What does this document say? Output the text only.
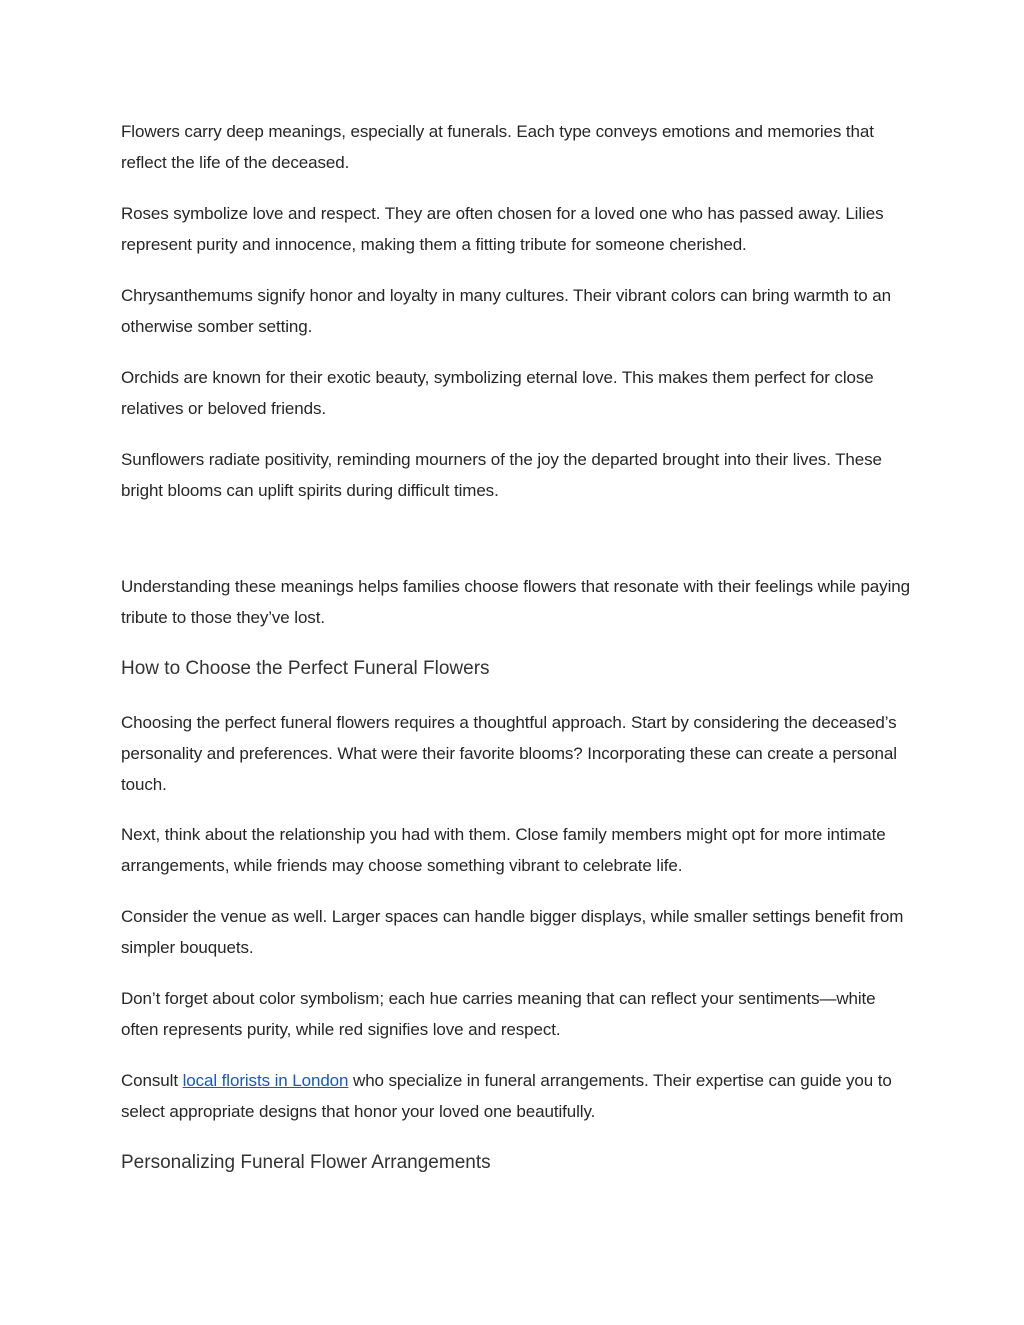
Flowers carry deep meanings, especially at funerals. Each type conveys emotions and memories that reflect the life of the deceased.

Roses symbolize love and respect. They are often chosen for a loved one who has passed away. Lilies represent purity and innocence, making them a fitting tribute for someone cherished.

Chrysanthemums signify honor and loyalty in many cultures. Their vibrant colors can bring warmth to an otherwise somber setting.

Orchids are known for their exotic beauty, symbolizing eternal love. This makes them perfect for close relatives or beloved friends.

Sunflowers radiate positivity, reminding mourners of the joy the departed brought into their lives. These bright blooms can uplift spirits during difficult times.

Understanding these meanings helps families choose flowers that resonate with their feelings while paying tribute to those they’ve lost.

How to Choose the Perfect Funeral Flowers

Choosing the perfect funeral flowers requires a thoughtful approach. Start by considering the deceased’s personality and preferences. What were their favorite blooms? Incorporating these can create a personal touch.

Next, think about the relationship you had with them. Close family members might opt for more intimate arrangements, while friends may choose something vibrant to celebrate life.

Consider the venue as well. Larger spaces can handle bigger displays, while smaller settings benefit from simpler bouquets.

Don’t forget about color symbolism; each hue carries meaning that can reflect your sentiments—white often represents purity, while red signifies love and respect.

Consult local florists in London who specialize in funeral arrangements. Their expertise can guide you to select appropriate designs that honor your loved one beautifully.

Personalizing Funeral Flower Arrangements
